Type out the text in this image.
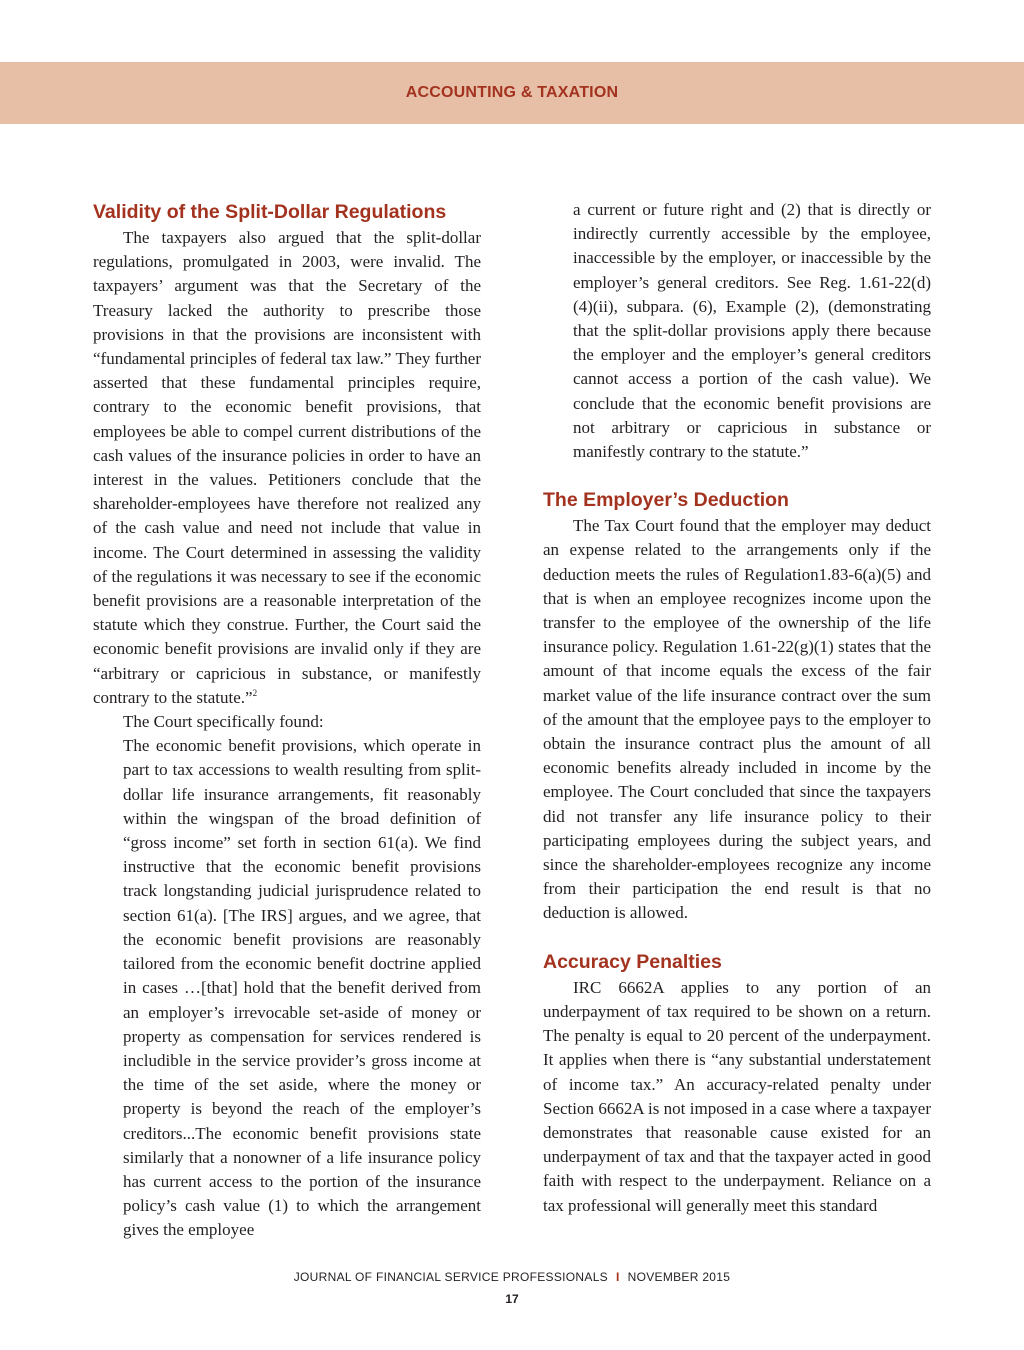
ACCOUNTING & TAXATION
Validity of the Split-Dollar Regulations

The taxpayers also argued that the split-dollar regulations, promulgated in 2003, were invalid. The taxpayers’ argument was that the Secretary of the Treasury lacked the authority to prescribe those provisions in that the provisions are inconsistent with “fundamental principles of federal tax law.” They further asserted that these fundamental principles require, contrary to the economic benefit provisions, that employees be able to compel current distributions of the cash values of the insurance policies in order to have an interest in the values. Petitioners conclude that the shareholder-employees have therefore not realized any of the cash value and need not include that value in income. The Court determined in assessing the validity of the regulations it was necessary to see if the economic benefit provisions are a reasonable interpretation of the statute which they construe. Further, the Court said the economic benefit provisions are invalid only if they are “arbitrary or capricious in substance, or manifestly contrary to the statute.”$^2$

The Court specifically found:

The economic benefit provisions, which operate in part to tax accessions to wealth resulting from split-dollar life insurance arrangements, fit reasonably within the wingspan of the broad definition of “gross income” set forth in section 61(a). We find instructive that the economic benefit provisions track longstanding judicial jurisprudence related to section 61(a). [The IRS] argues, and we agree, that the economic benefit provisions are reasonably tailored from the economic benefit doctrine applied in cases …[that] hold that the benefit derived from an employer’s irrevocable set-aside of money or property as compensation for services rendered is includible in the service provider’s gross income at the time of the set aside, where the money or property is beyond the reach of the employer’s creditors...The economic benefit provisions state similarly that a nonowner of a life insurance policy has current access to the portion of the insurance policy’s cash value (1) to which the arrangement gives the employee

a current or future right and (2) that is directly or indirectly currently accessible by the employee, inaccessible by the employer, or inaccessible by the employer’s general creditors. See Reg. 1.61-22(d)(4)(ii), subpara. (6), Example (2), (demonstrating that the split-dollar provisions apply there because the employer and the employer’s general creditors cannot access a portion of the cash value). We conclude that the economic benefit provisions are not arbitrary or capricious in substance or manifestly contrary to the statute.”

The Employer’s Deduction

The Tax Court found that the employer may deduct an expense related to the arrangements only if the deduction meets the rules of Regulation1.83-6(a)(5) and that is when an employee recognizes income upon the transfer to the employee of the ownership of the life insurance policy. Regulation 1.61-22(g)(1) states that the amount of that income equals the excess of the fair market value of the life insurance contract over the sum of the amount that the employee pays to the employer to obtain the insurance contract plus the amount of all economic benefits already included in income by the employee. The Court concluded that since the taxpayers did not transfer any life insurance policy to their participating employees during the subject years, and since the shareholder-employees recognize any income from their participation the end result is that no deduction is allowed.

Accuracy Penalties

IRC 6662A applies to any portion of an underpayment of tax required to be shown on a return. The penalty is equal to 20 percent of the underpayment. It applies when there is “any substantial understatement of income tax.” An accuracy-related penalty under Section 6662A is not imposed in a case where a taxpayer demonstrates that reasonable cause existed for an underpayment of tax and that the taxpayer acted in good faith with respect to the underpayment. Reliance on a tax professional will generally meet this standard

JOURNAL OF FINANCIAL SERVICE PROFESSIONALS I NOVEMBER 2015
17
